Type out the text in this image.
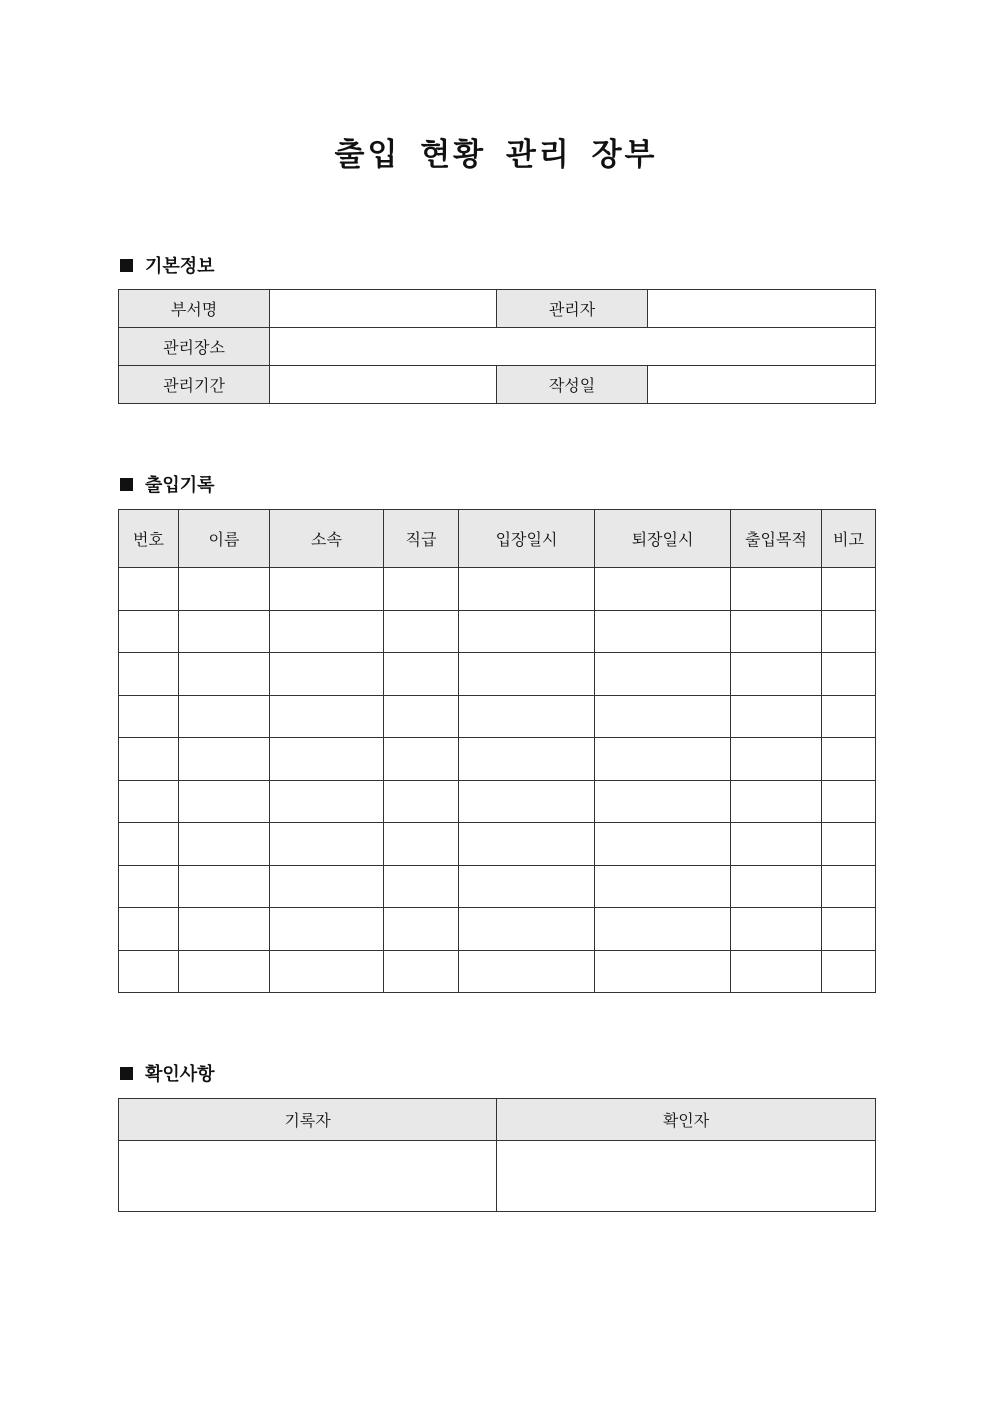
출입 현황 관리 장부
기본정보
부서명		관리자	
관리장소			
관리기간		작성일	
출입기록
번호	이름	소속	직급	입장일시	퇴장일시	출입목적	비고

확인사항
기록자	확인자
